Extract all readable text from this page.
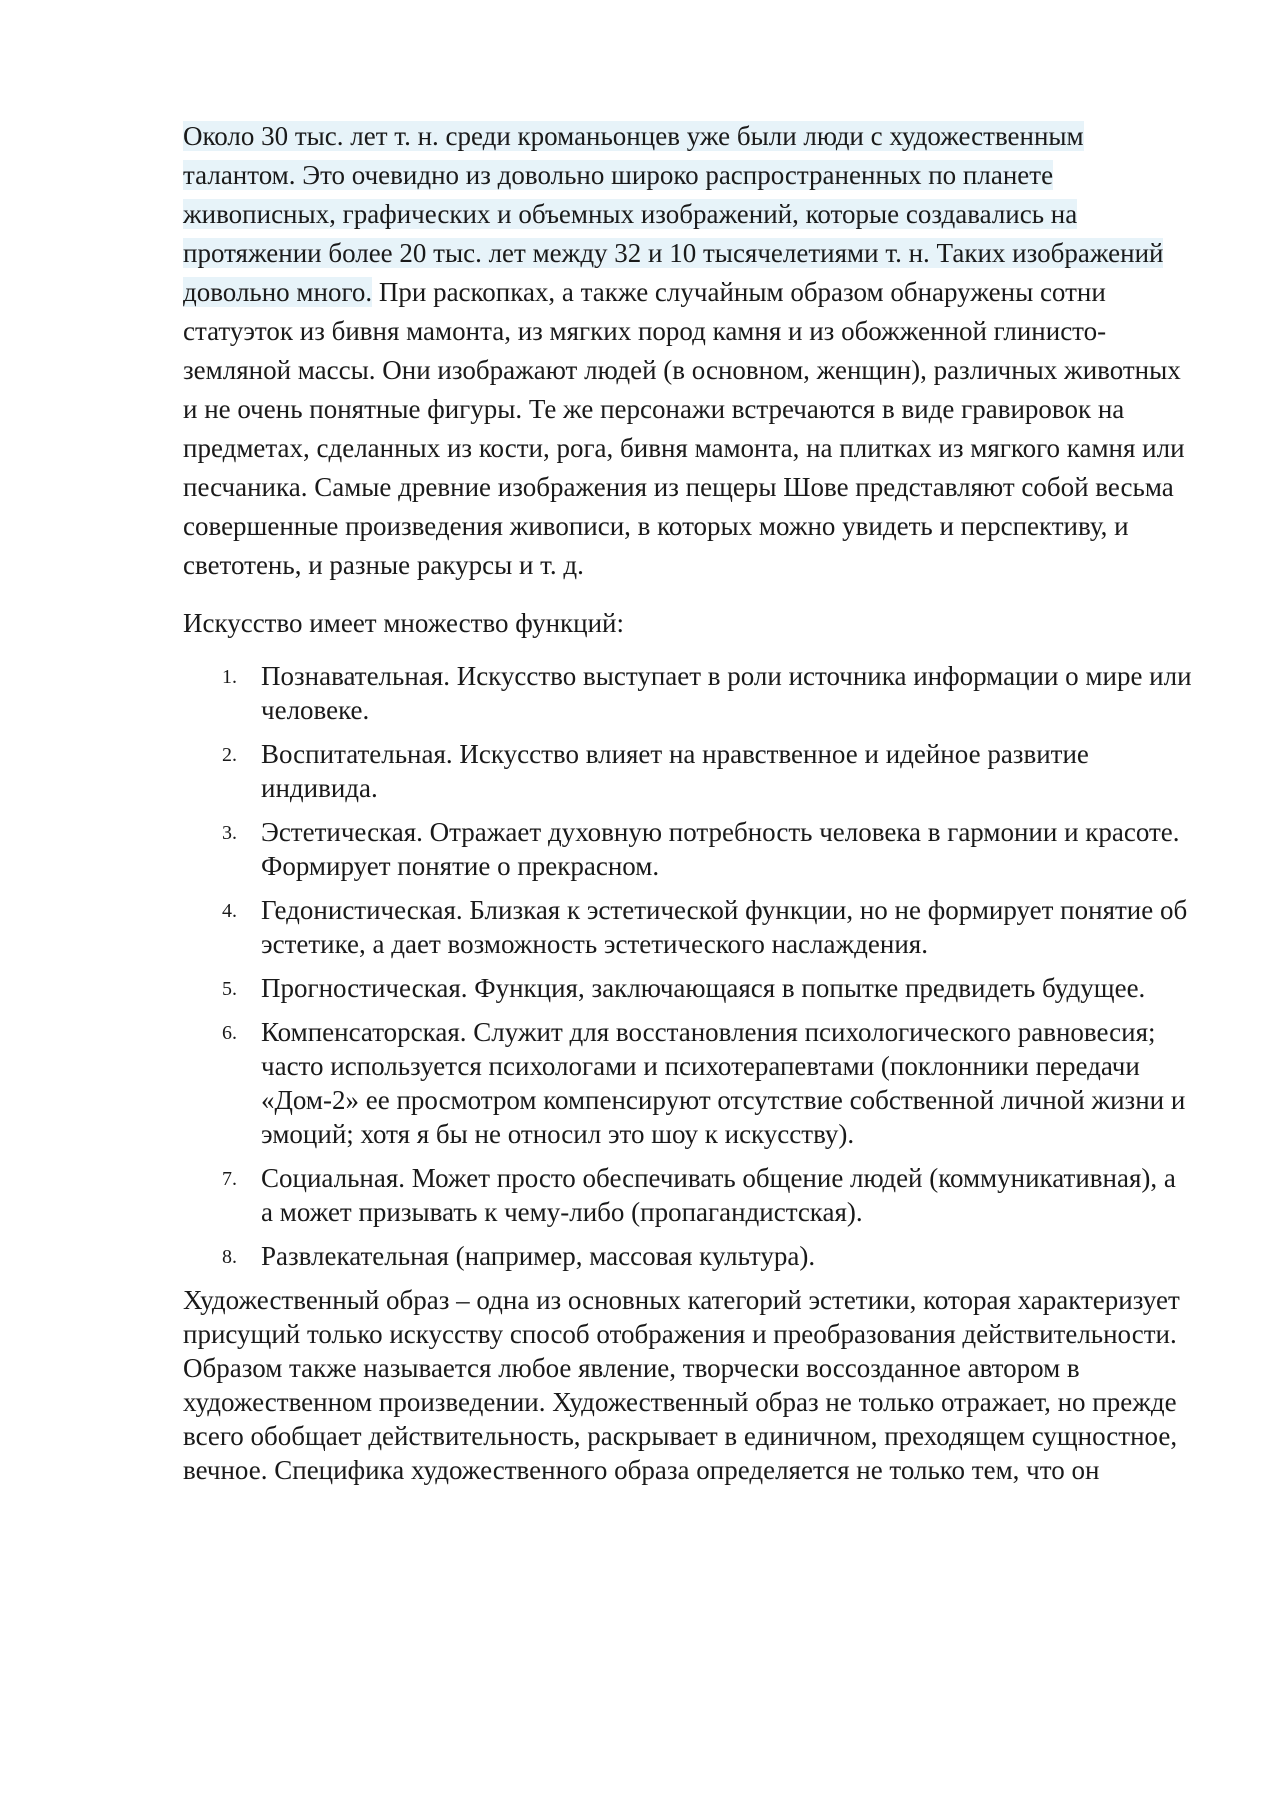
Около 30 тыс. лет т. н. среди кроманьонцев уже были люди с художественным талантом. Это очевидно из довольно широко распространенных по планете живописных, графических и объемных изображений, которые создавались на протяжении более 20 тыс. лет между 32 и 10 тысячелетиями т. н. Таких изображений довольно много. При раскопках, а также случайным образом обнаружены сотни статуэток из бивня мамонта, из мягких пород камня и из обожженной глинисто-земляной массы. Они изображают людей (в основном, женщин), различных животных и не очень понятные фигуры. Те же персонажи встречаются в виде гравировок на предметах, сделанных из кости, рога, бивня мамонта, на плитках из мягкого камня или песчаника. Самые древние изображения из пещеры Шове представляют собой весьма совершенные произведения живописи, в которых можно увидеть и перспективу, и светотень, и разные ракурсы и т. д.

Искусство имеет множество функций:

1. Познавательная. Искусство выступает в роли источника информации о мире или человеке.
2. Воспитательная. Искусство влияет на нравственное и идейное развитие индивида.
3. Эстетическая. Отражает духовную потребность человека в гармонии и красоте. Формирует понятие о прекрасном.
4. Гедонистическая. Близкая к эстетической функции, но не формирует понятие об эстетике, а дает возможность эстетического наслаждения.
5. Прогностическая. Функция, заключающаяся в попытке предвидеть будущее.
6. Компенсаторская. Служит для восстановления психологического равновесия; часто используется психологами и психотерапевтами (поклонники передачи «Дом-2» ее просмотром компенсируют отсутствие собственной личной жизни и эмоций; хотя я бы не относил это шоу к искусству).
7. Социальная. Может просто обеспечивать общение людей (коммуникативная), а а может призывать к чему-либо (пропагандистская).
8. Развлекательная (например, массовая культура).

Художественный образ – одна из основных категорий эстетики, которая характеризует присущий только искусству способ отображения и преобразования действительности. Образом также называется любое явление, творчески воссозданное автором в художественном произведении. Художественный образ не только отражает, но прежде всего обобщает действительность, раскрывает в единичном, преходящем сущностное, вечное. Специфика художественного образа определяется не только тем, что он
